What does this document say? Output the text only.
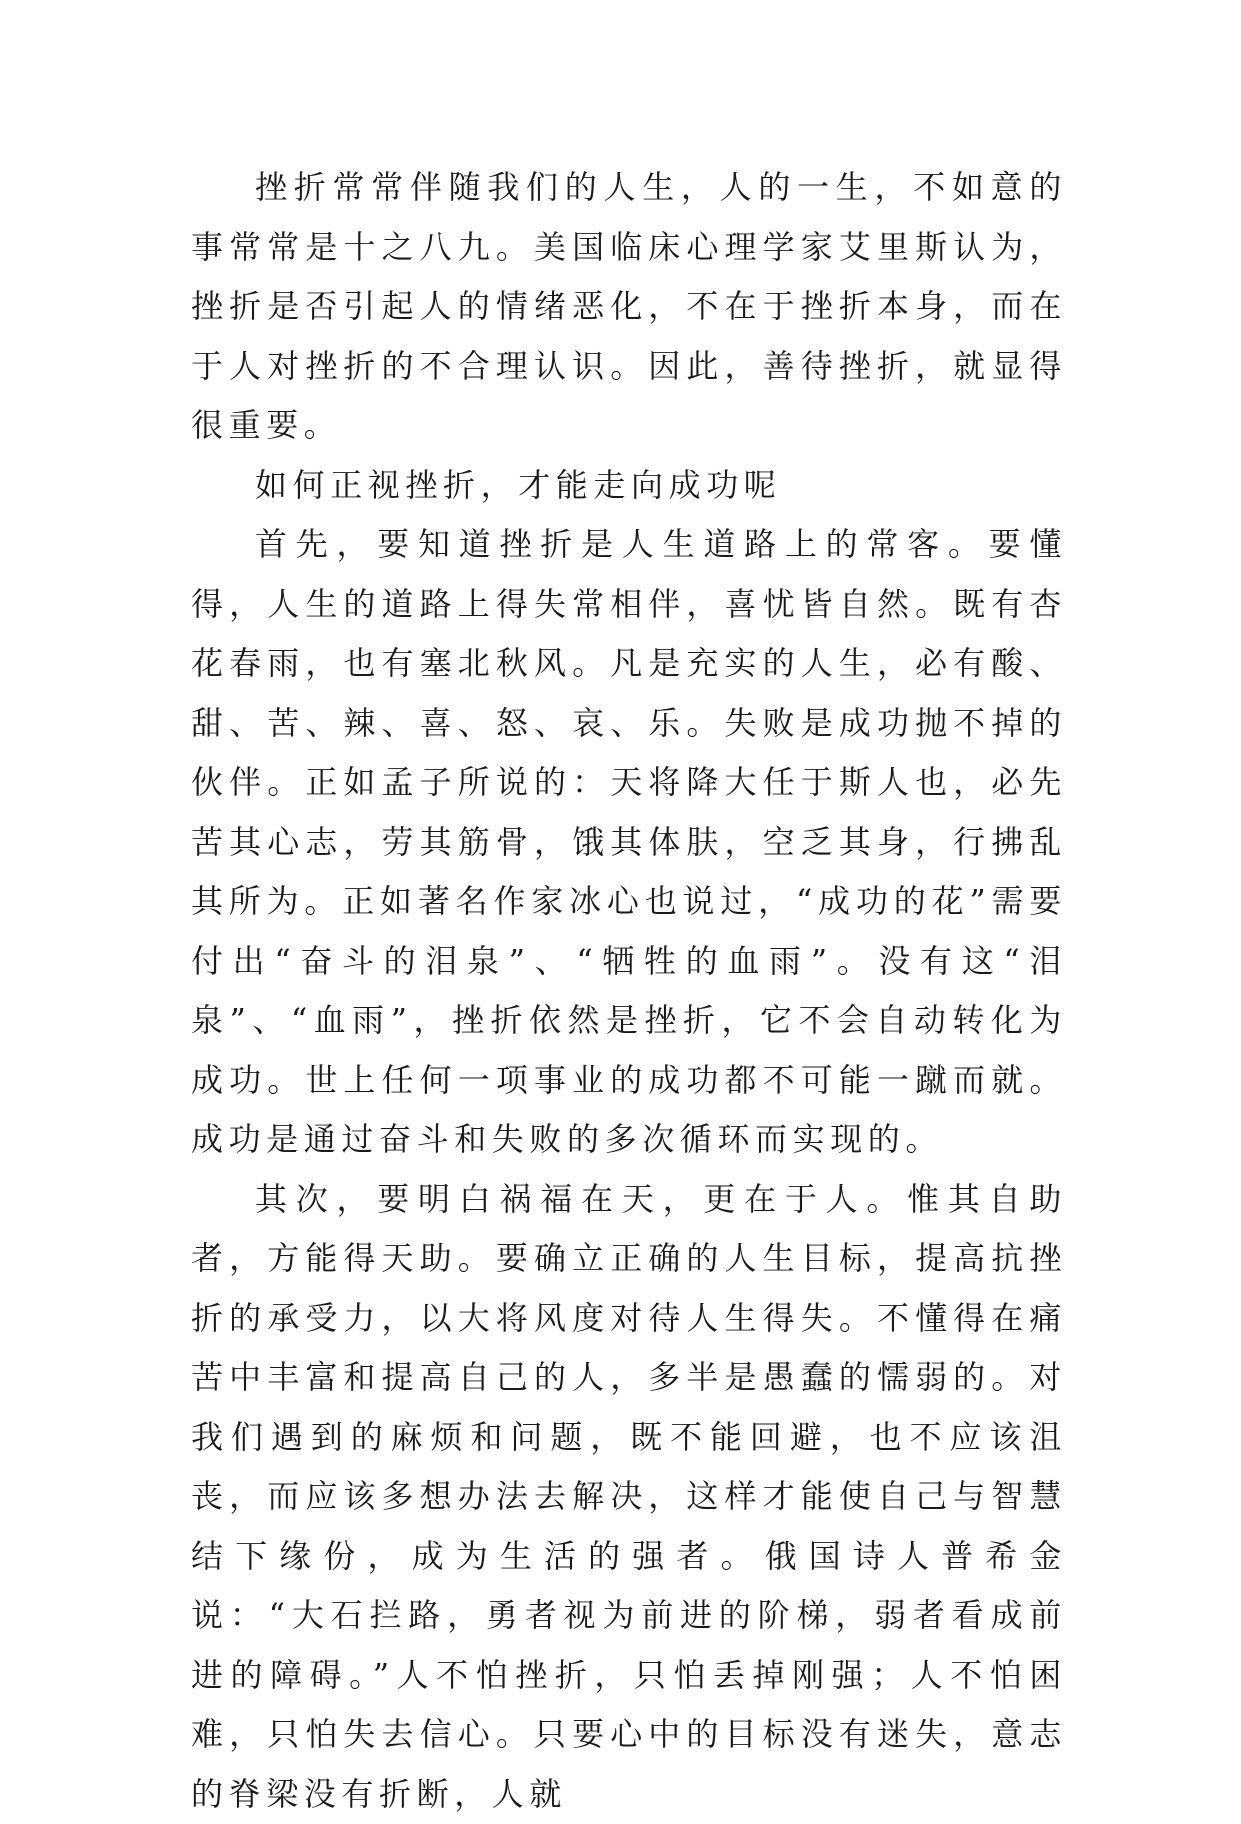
挫折常常伴随我们的人生，人的一生，不如意的事常常是十之八九。美国临床心理学家艾里斯认为，挫折是否引起人的情绪恶化，不在于挫折本身，而在于人对挫折的不合理认识。因此，善待挫折，就显得很重要。

如何正视挫折，才能走向成功呢

首先，要知道挫折是人生道路上的常客。要懂得，人生的道路上得失常相伴，喜忧皆自然。既有杏花春雨，也有塞北秋风。凡是充实的人生，必有酸、甜、苦、辣、喜、怒、哀、乐。失败是成功抛不掉的伙伴。正如孟子所说的：天将降大任于斯人也，必先苦其心志，劳其筋骨，饿其体肤，空乏其身，行拂乱其所为。正如著名作家冰心也说过，“成功的花”需要付出“奋斗的泪泉”、“牺牲的血雨”。没有这“泪泉”、“血雨”，挫折依然是挫折，它不会自动转化为成功。世上任何一项事业的成功都不可能一蹴而就。成功是通过奋斗和失败的多次循环而实现的。

其次，要明白祸福在天，更在于人。惟其自助者，方能得天助。要确立正确的人生目标，提高抗挫折的承受力，以大将风度对待人生得失。不懂得在痛苦中丰富和提高自己的人，多半是愚蠢的懦弱的。对我们遇到的麻烦和问题，既不能回避，也不应该沮丧，而应该多想办法去解决，这样才能使自己与智慧结下缘份，成为生活的强者。俄国诗人普希金说：“大石拦路，勇者视为前进的阶梯，弱者看成前进的障碍。”人不怕挫折，只怕丢掉刚强；人不怕困难，只怕失去信心。只要心中的目标没有迷失，意志的脊梁没有折断，人就
